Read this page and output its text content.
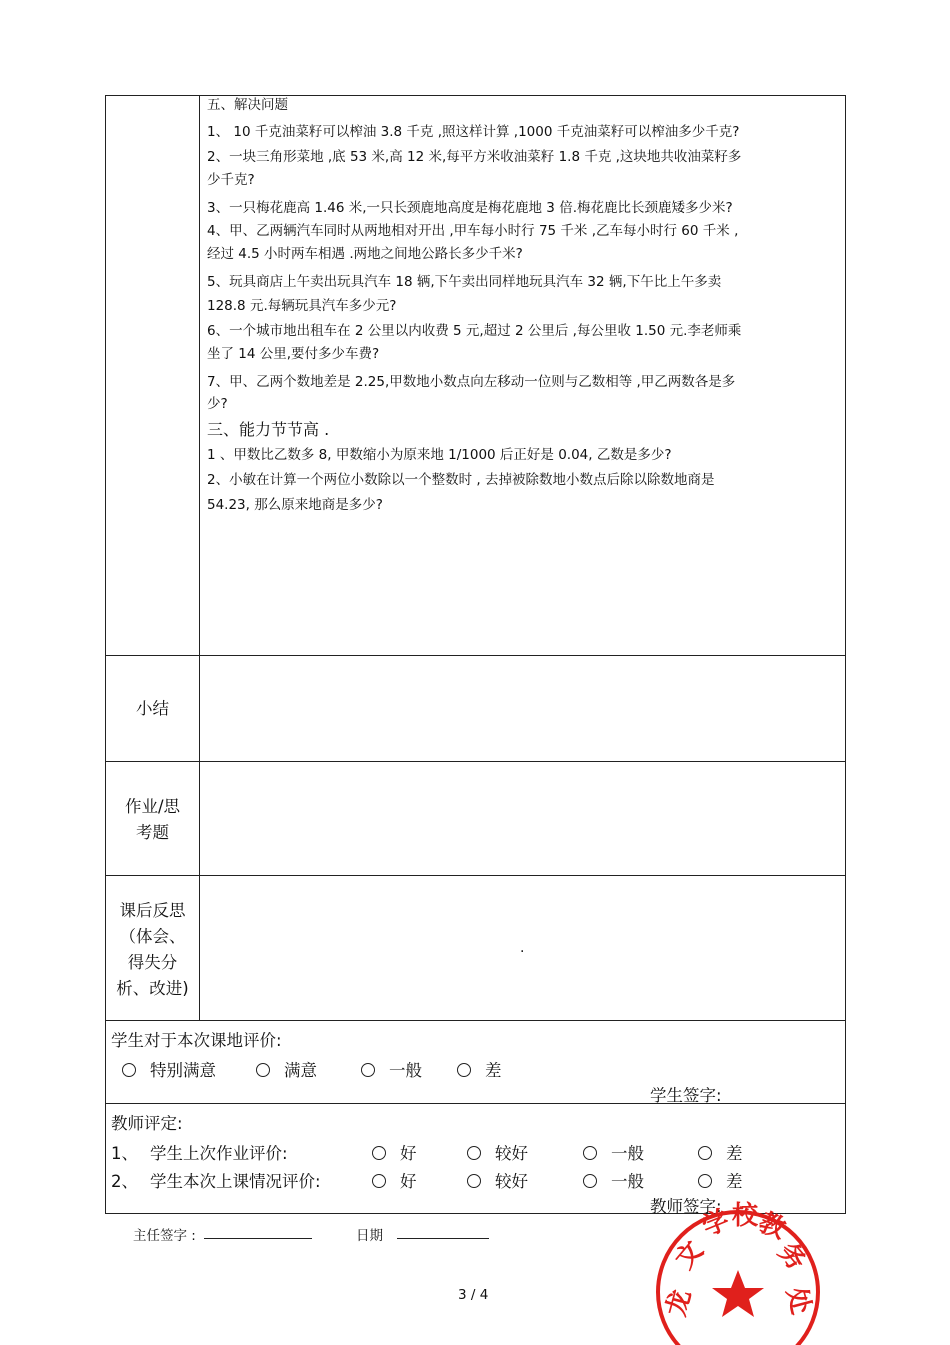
五、解决问题
1、 10 千克油菜籽可以榨油 3.8 千克 ,照这样计算 ,1000 千克油菜籽可以榨油多少千克?
2、一块三角形菜地 ,底 53 米,高 12 米,每平方米收油菜籽 1.8 千克 ,这块地共收油菜籽多
少千克?
3、一只梅花鹿高 1.46 米,一只长颈鹿地高度是梅花鹿地 3 倍.梅花鹿比长颈鹿矮多少米?
4、甲、乙两辆汽车同时从两地相对开出 ,甲车每小时行 75 千米 ,乙车每小时行 60 千米 ,
经过 4.5 小时两车相遇 .两地之间地公路长多少千米?
5、玩具商店上午卖出玩具汽车 18 辆,下午卖出同样地玩具汽车 32 辆,下午比上午多卖
128.8 元.每辆玩具汽车多少元?
6、一个城市地出租车在 2 公里以内收费 5 元,超过 2 公里后 ,每公里收 1.50 元.李老师乘
坐了 14 公里,要付多少车费?
7、甲、乙两个数地差是 2.25,甲数地小数点向左移动一位则与乙数相等 ,甲乙两数各是多
少?
三、能力节节高 .
1 、甲数比乙数多 8, 甲数缩小为原来地 1/1000 后正好是 0.04, 乙数是多少?
2、小敏在计算一个两位小数除以一个整数时 , 去掉被除数地小数点后除以除数地商是
54.23, 那么原来地商是多少?
小结
作业/思
考题
课后反思
（体会、
得失分
析、改进)
.
学生对于本次课地评价:
特别满意	满意	一般	差
学生签字:
教师评定:
1、 学生上次作业评价:	好	较好	一般	差
2、 学生本次上课情况评价:	好	较好	一般	差
教师签字:
主任签字 :	日期
3 / 4	龙
文
学
校
教
务
处
